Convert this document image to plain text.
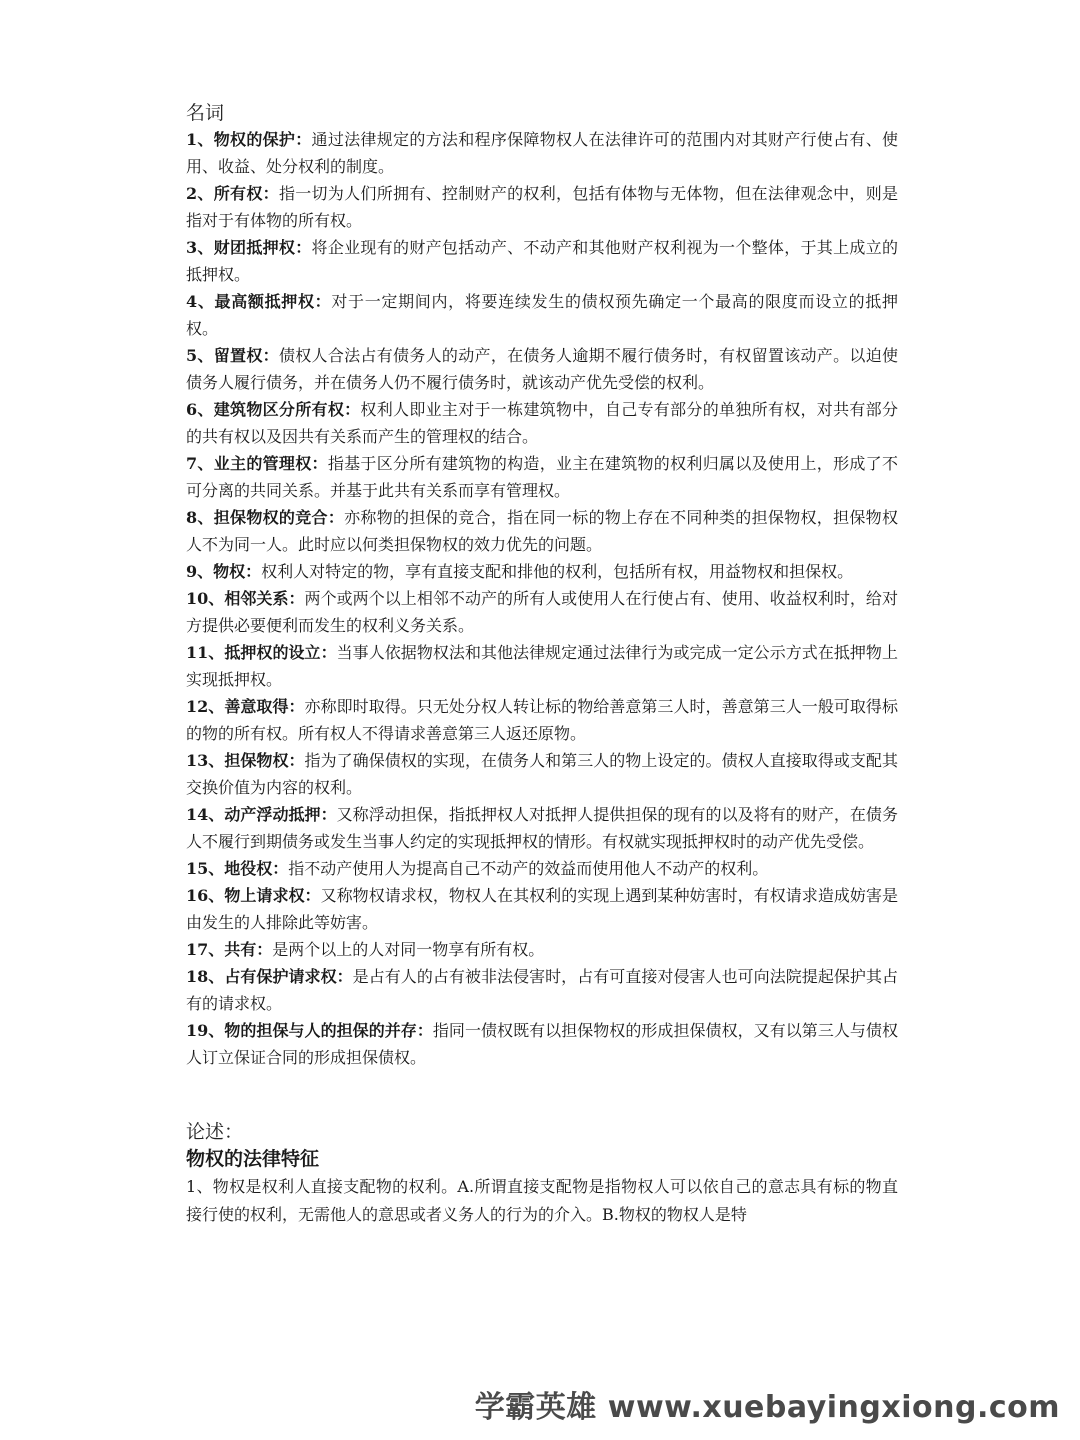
名词
1、物权的保护：通过法律规定的方法和程序保障物权人在法律许可的范围内对其财产行使占有、使用、收益、处分权利的制度。
2、所有权：指一切为人们所拥有、控制财产的权利，包括有体物与无体物，但在法律观念中，则是指对于有体物的所有权。
3、财团抵押权：将企业现有的财产包括动产、不动产和其他财产权利视为一个整体，于其上成立的抵押权。
4、最高额抵押权：对于一定期间内，将要连续发生的债权预先确定一个最高的限度而设立的抵押权。
5、留置权：债权人合法占有债务人的动产，在债务人逾期不履行债务时，有权留置该动产。以迫使债务人履行债务，并在债务人仍不履行债务时，就该动产优先受偿的权利。
6、建筑物区分所有权：权利人即业主对于一栋建筑物中，自己专有部分的单独所有权，对共有部分的共有权以及因共有关系而产生的管理权的结合。
7、业主的管理权：指基于区分所有建筑物的构造，业主在建筑物的权利归属以及使用上，形成了不可分离的共同关系。并基于此共有关系而享有管理权。
8、担保物权的竞合：亦称物的担保的竞合，指在同一标的物上存在不同种类的担保物权，担保物权人不为同一人。此时应以何类担保物权的效力优先的问题。
9、物权：权利人对特定的物，享有直接支配和排他的权利，包括所有权，用益物权和担保权。
10、相邻关系：两个或两个以上相邻不动产的所有人或使用人在行使占有、使用、收益权利时，给对方提供必要便利而发生的权利义务关系。
11、抵押权的设立：当事人依据物权法和其他法律规定通过法律行为或完成一定公示方式在抵押物上实现抵押权。
12、善意取得：亦称即时取得。只无处分权人转让标的物给善意第三人时，善意第三人一般可取得标的物的所有权。所有权人不得请求善意第三人返还原物。
13、担保物权：指为了确保债权的实现，在债务人和第三人的物上设定的。债权人直接取得或支配其交换价值为内容的权利。
14、动产浮动抵押：又称浮动担保，指抵押权人对抵押人提供担保的现有的以及将有的财产，在债务人不履行到期债务或发生当事人约定的实现抵押权的情形。有权就实现抵押权时的动产优先受偿。
15、地役权：指不动产使用人为提高自己不动产的效益而使用他人不动产的权利。
16、物上请求权：又称物权请求权，物权人在其权利的实现上遇到某种妨害时，有权请求造成妨害是由发生的人排除此等妨害。
17、共有：是两个以上的人对同一物享有所有权。
18、占有保护请求权：是占有人的占有被非法侵害时，占有可直接对侵害人也可向法院提起保护其占有的请求权。
19、物的担保与人的担保的并存：指同一债权既有以担保物权的形成担保债权，又有以第三人与债权人订立保证合同的形成担保债权。
论述：
物权的法律特征
1、物权是权利人直接支配物的权利。A.所谓直接支配物是指物权人可以依自己的意志具有标的物直接行使的权利，无需他人的意思或者义务人的行为的介入。B.物权的物权人是特
学霸英雄 www.xuebayingxiong.com
